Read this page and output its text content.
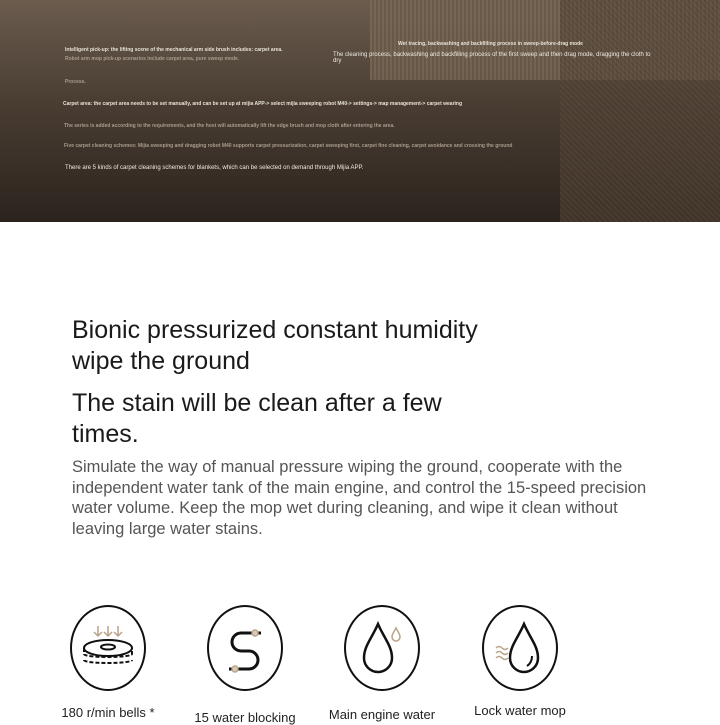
Intelligent pick-up: the lifting scene of the mechanical arm side brush includes: carpet area.
Robot arm mop pick-up scenarios include carpet area, pure sweep mode.
Process.
Wet tracing, backwashing and backfilling process in sweep-before-drag mode
The cleaning process, backwashing and backfilling process of the first sweep and then drag mode, dragging the cloth to dry
Carpet area: the carpet area needs to be set manually, and can be set up at mijia APP-> select mijia sweeping robot M40-> settings-> map management-> carpet wearing
The series is added according to the requirements, and the host will automatically lift the edge brush and mop cloth after entering the area.
Five carpet cleaning schemes: Mijia sweeping and dragging robot M40 supports carpet pressurization, carpet sweeping first, carpet fine cleaning, carpet avoidance and crossing the ground
There are 5 kinds of carpet cleaning schemes for blankets, which can be selected on demand through Mijia APP.
Bionic pressurized constant humidity wipe the ground
The stain will be clean after a few times.

Simulate the way of manual pressure wiping the ground, cooperate with the independent water tank of the main engine, and control the 15-speed precision water volume. Keep the mop wet during cleaning, and wipe it clean without leaving large water stains.

180 r/min bells *	15 water blocking	Main engine water	Lock water mop
